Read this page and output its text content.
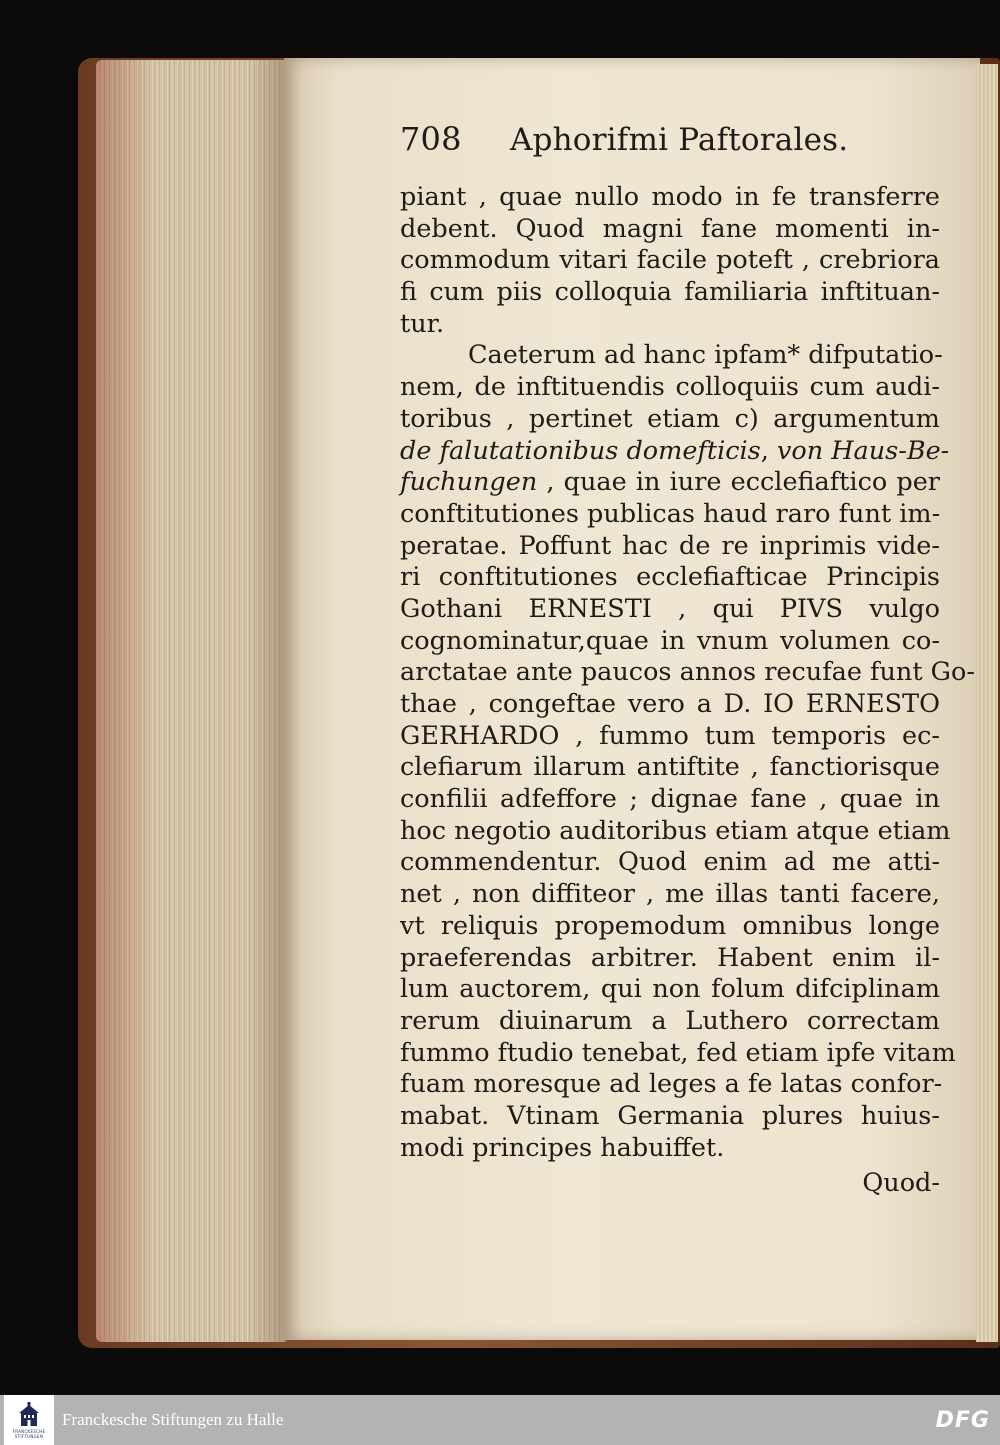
708	Aphorifmi Paftorales.
piant , quae nullo modo in fe transferre
debent. Quod magni fane momenti in-
commodum vitari facile poteft , crebriora
fi cum piis colloquia familiaria inftituan-
tur.
Caeterum ad hanc ipfam* difputatio-
nem, de inftituendis colloquiis cum audi-
toribus , pertinet etiam c) argumentum
de falutationibus domefticis, von Haus-Be-
fuchungen , quae in iure ecclefiaftico per
conftitutiones publicas haud raro funt im-
peratae. Poffunt hac de re inprimis vide-
ri conftitutiones ecclefiafticae Principis
Gothani ERNESTI , qui PIVS vulgo
cognominatur,quae in vnum volumen co-
arctatae ante paucos annos recufae funt Go-
thae , congeftae vero a D. IO ERNESTO
GERHARDO , fummo tum temporis ec-
clefiarum illarum antiftite , fanctiorisque
confilii adfeffore ; dignae fane , quae in
hoc negotio auditoribus etiam atque etiam
commendentur. Quod enim ad me atti-
net , non diffiteor , me illas tanti facere,
vt reliquis propemodum omnibus longe
praeferendas arbitrer. Habent enim il-
lum auctorem, qui non folum difciplinam
rerum diuinarum a Luthero correctam
fummo ftudio tenebat, fed etiam ipfe vitam
fuam moresque ad leges a fe latas confor-
mabat. Vtinam Germania plures huius-
modi principes habuiffet.
Quod-
FRANCKESCHE
STIFTUNGEN
Franckesche Stiftungen zu Halle	DFG
